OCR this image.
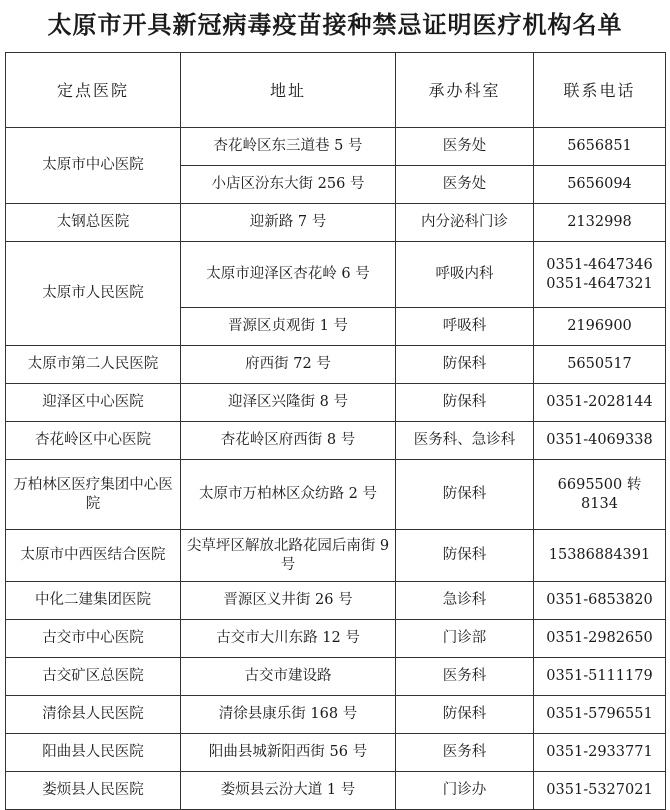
太原市开具新冠病毒疫苗接种禁忌证明医疗机构名单
定点医院	地址	承办科室	联系电话
太原市中心医院	杏花岭区东三道巷 5 号	医务处	5656851
	小店区汾东大街 256 号	医务处	5656094
太钢总医院	迎新路 7 号	内分泌科门诊	2132998
太原市人民医院	太原市迎泽区杏花岭 6 号	呼吸内科	0351-4647346
0351-4647321
	晋源区贞观街 1 号	呼吸科	2196900
太原市第二人民医院	府西街 72 号	防保科	5650517
迎泽区中心医院	迎泽区兴隆街 8 号	防保科	0351-2028144
杏花岭区中心医院	杏花岭区府西街 8 号	医务科、急诊科	0351-4069338
万柏林区医疗集团中心医院	太原市万柏林区众纺路 2 号	防保科	6695500 转 8134
太原市中西医结合医院	尖草坪区解放北路花园后南街 9 号	防保科	15386884391
中化二建集团医院	晋源区义井街 26 号	急诊科	0351-6853820
古交市中心医院	古交市大川东路 12 号	门诊部	0351-2982650
古交矿区总医院	古交市建设路	医务科	0351-5111179
清徐县人民医院	清徐县康乐街 168 号	防保科	0351-5796551
阳曲县人民医院	阳曲县城新阳西街 56 号	医务科	0351-2933771
娄烦县人民医院	娄烦县云汾大道 1 号	门诊办	0351-5327021
